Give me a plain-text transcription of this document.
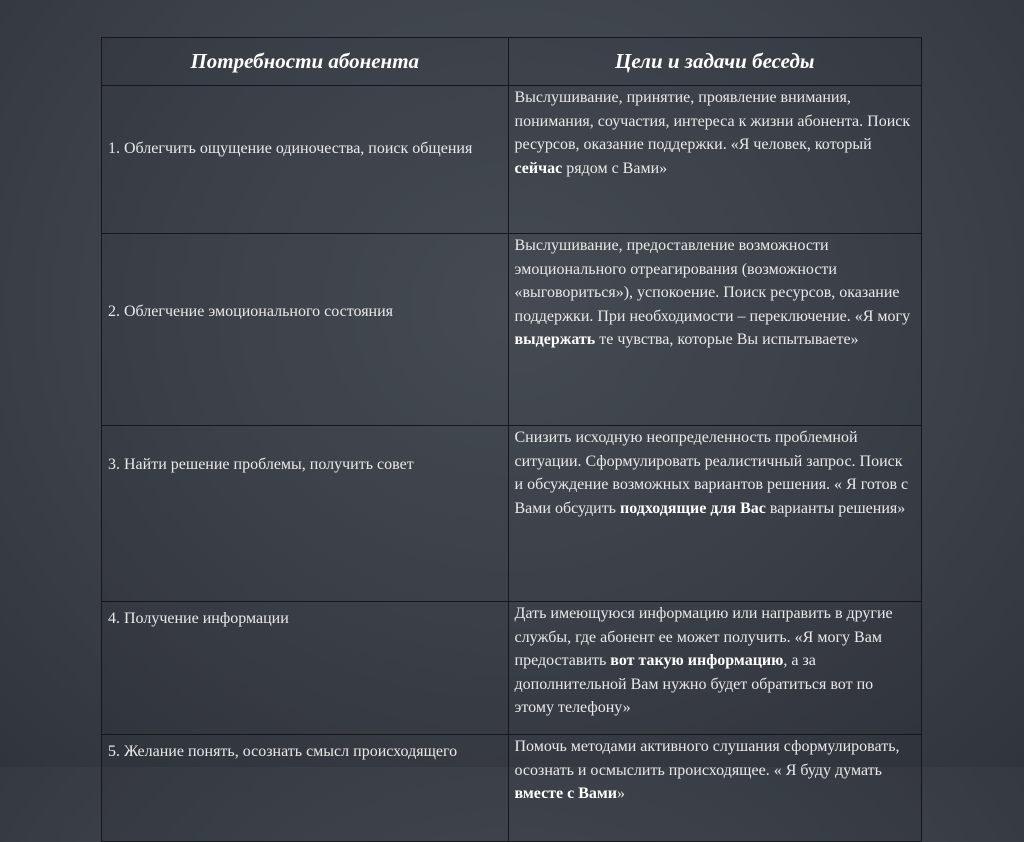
Потребности абонента	Цели и задачи беседы
1. Облегчить ощущение одиночества, поиск общения	Выслушивание, принятие, проявление внимания, понимания, соучастия, интереса к жизни абонента. Поиск ресурсов, оказание поддержки. «Я человек, который сейчас рядом с Вами»
2. Облегчение эмоционального состояния	Выслушивание, предоставление возможности эмоционального отреагирования (возможности «выговориться»), успокоение. Поиск ресурсов, оказание поддержки. При необходимости – переключение. «Я могу выдержать те чувства, которые Вы испытываете»
3. Найти решение проблемы, получить совет	Снизить исходную неопределенность проблемной ситуации. Сформулировать реалистичный запрос. Поиск и обсуждение возможных вариантов решения. « Я готов с Вами обсудить подходящие для Вас варианты решения»
4. Получение информации	Дать имеющуюся информацию или направить в другие службы, где абонент ее может получить. «Я могу Вам предоставить вот такую информацию, а за дополнительной Вам нужно будет обратиться вот по этому телефону»
5. Желание понять, осознать смысл происходящего	Помочь методами активного слушания сформулировать, осознать и осмыслить происходящее. « Я буду думать вместе с Вами»
